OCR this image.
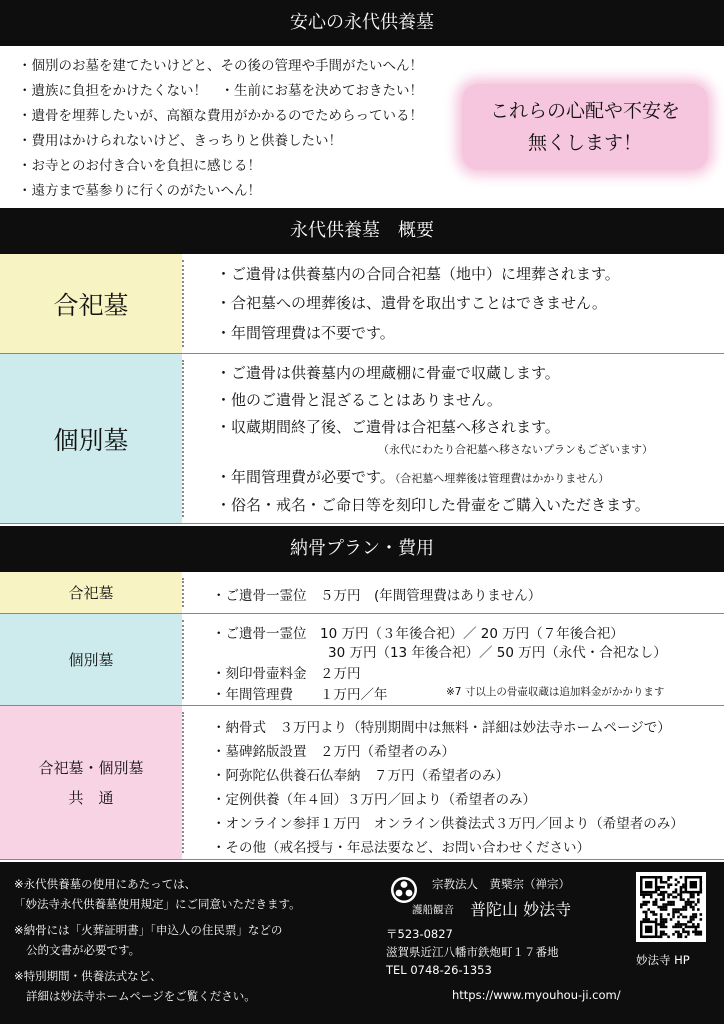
安心の永代供養墓
・個別のお墓を建てたいけどと、その後の管理や手間がたいへん！
・遺族に負担をかけたくない！　・生前にお墓を決めておきたい！
・遺骨を埋葬したいが、高額な費用がかかるのでためらっている！
・費用はかけられないけど、きっちりと供養したい！
・お寺とのお付き合いを負担に感じる！
・遠方まで墓参りに行くのがたいへん！
これらの心配や不安を
無くします！
永代供養墓　概要
合祀墓
・ご遺骨は供養墓内の合同合祀墓（地中）に埋葬されます。
・合祀墓への埋葬後は、遺骨を取出すことはできません。
・年間管理費は不要です。
個別墓
・ご遺骨は供養墓内の埋蔵棚に骨壷で収蔵します。
・他のご遺骨と混ざることはありません。
・収蔵期間終了後、ご遺骨は合祀墓へ移されます。
（永代にわたり合祀墓へ移さないプランもございます）
・年間管理費が必要です。（合祀墓へ埋葬後は管理費はかかりません）
・俗名・戒名・ご命日等を刻印した骨壷をご購入いただきます。
納骨プラン・費用
合祀墓	・ご遺骨一霊位　５万円　(年間管理費はありません）
個別墓
・ご遺骨一霊位　10 万円（３年後合祀）／ 20 万円（７年後合祀）
30 万円（13 年後合祀）／ 50 万円（永代・合祀なし）
・刻印骨壷料金　２万円
・年間管理費　　１万円／年	※7 寸以上の骨壷収蔵は追加料金がかかります
合祀墓・個別墓
共　通
・納骨式　３万円より（特別期間中は無料・詳細は妙法寺ホームページで）
・墓碑銘版設置　２万円（希望者のみ）
・阿弥陀仏供養石仏奉納　７万円（希望者のみ）
・定例供養（年４回）３万円／回より（希望者のみ）
・オンライン参拝１万円　オンライン供養法式３万円／回より（希望者のみ）
・その他（戒名授与・年忌法要など、お問い合わせください）
※永代供養墓の使用にあたっては、
「妙法寺永代供養墓使用規定」にご同意いただきます。
※納骨には「火葬証明書」「申込人の住民票」などの
公的文書が必要です。
※特別期間・供養法式など、
詳細は妙法寺ホームページをご覧ください。
宗教法人　黄檗宗（禅宗）
護船観音 普陀山 妙法寺
〒523-0827
滋賀県近江八幡市鉄炮町１７番地
TEL 0748-26-1353
https://www.myouhou-ji.com/
妙法寺 HP
